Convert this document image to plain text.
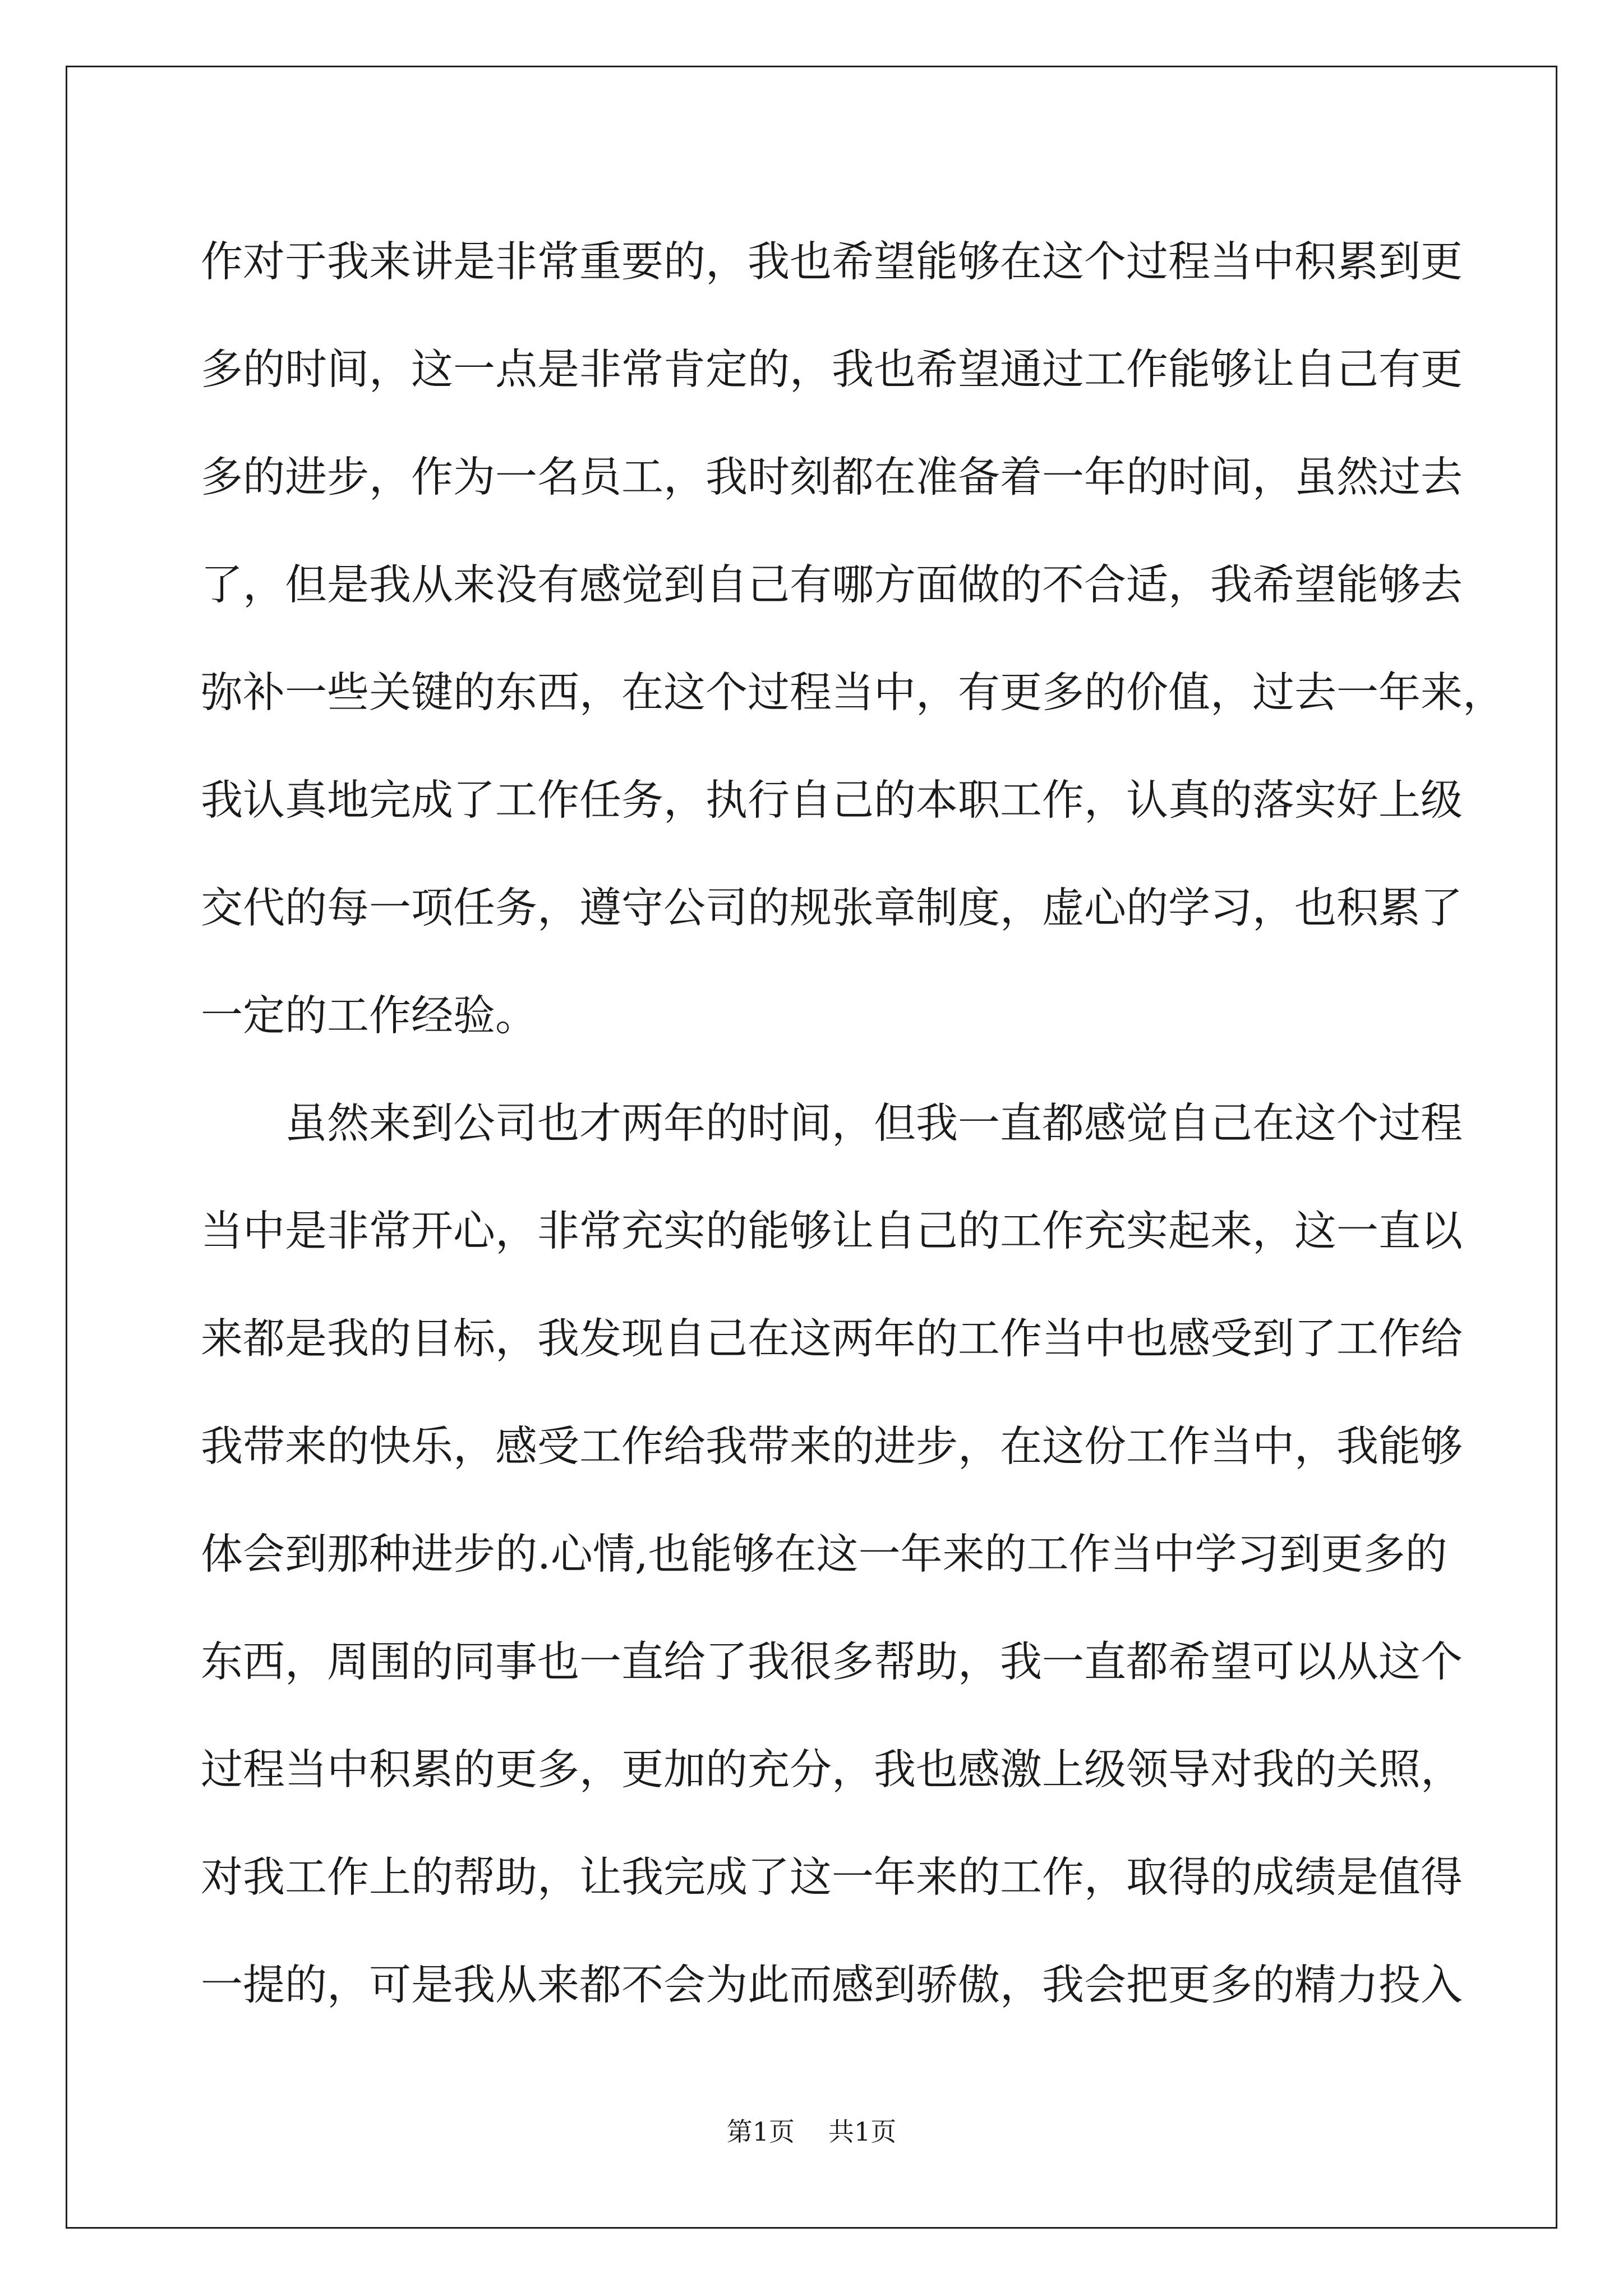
作对于我来讲是非常重要的，我也希望能够在这个过程当中积累到更
多的时间，这一点是非常肯定的，我也希望通过工作能够让自己有更
多的进步，作为一名员工，我时刻都在准备着一年的时间，虽然过去
了，但是我从来没有感觉到自己有哪方面做的不合适，我希望能够去
弥补一些关键的东西，在这个过程当中，有更多的价值，过去一年来，
我认真地完成了工作任务，执行自己的本职工作，认真的落实好上级
交代的每一项任务，遵守公司的规张章制度，虚心的学习，也积累了
一定的工作经验。
虽然来到公司也才两年的时间，但我一直都感觉自己在这个过程
当中是非常开心，非常充实的能够让自己的工作充实起来，这一直以
来都是我的目标，我发现自己在这两年的工作当中也感受到了工作给
我带来的快乐，感受工作给我带来的进步，在这份工作当中，我能够
体会到那种进步的.心情,也能够在这一年来的工作当中学习到更多的
东西，周围的同事也一直给了我很多帮助，我一直都希望可以从这个
过程当中积累的更多，更加的充分，我也感激上级领导对我的关照，
对我工作上的帮助，让我完成了这一年来的工作，取得的成绩是值得
一提的，可是我从来都不会为此而感到骄傲，我会把更多的精力投入
第1页 共1页
